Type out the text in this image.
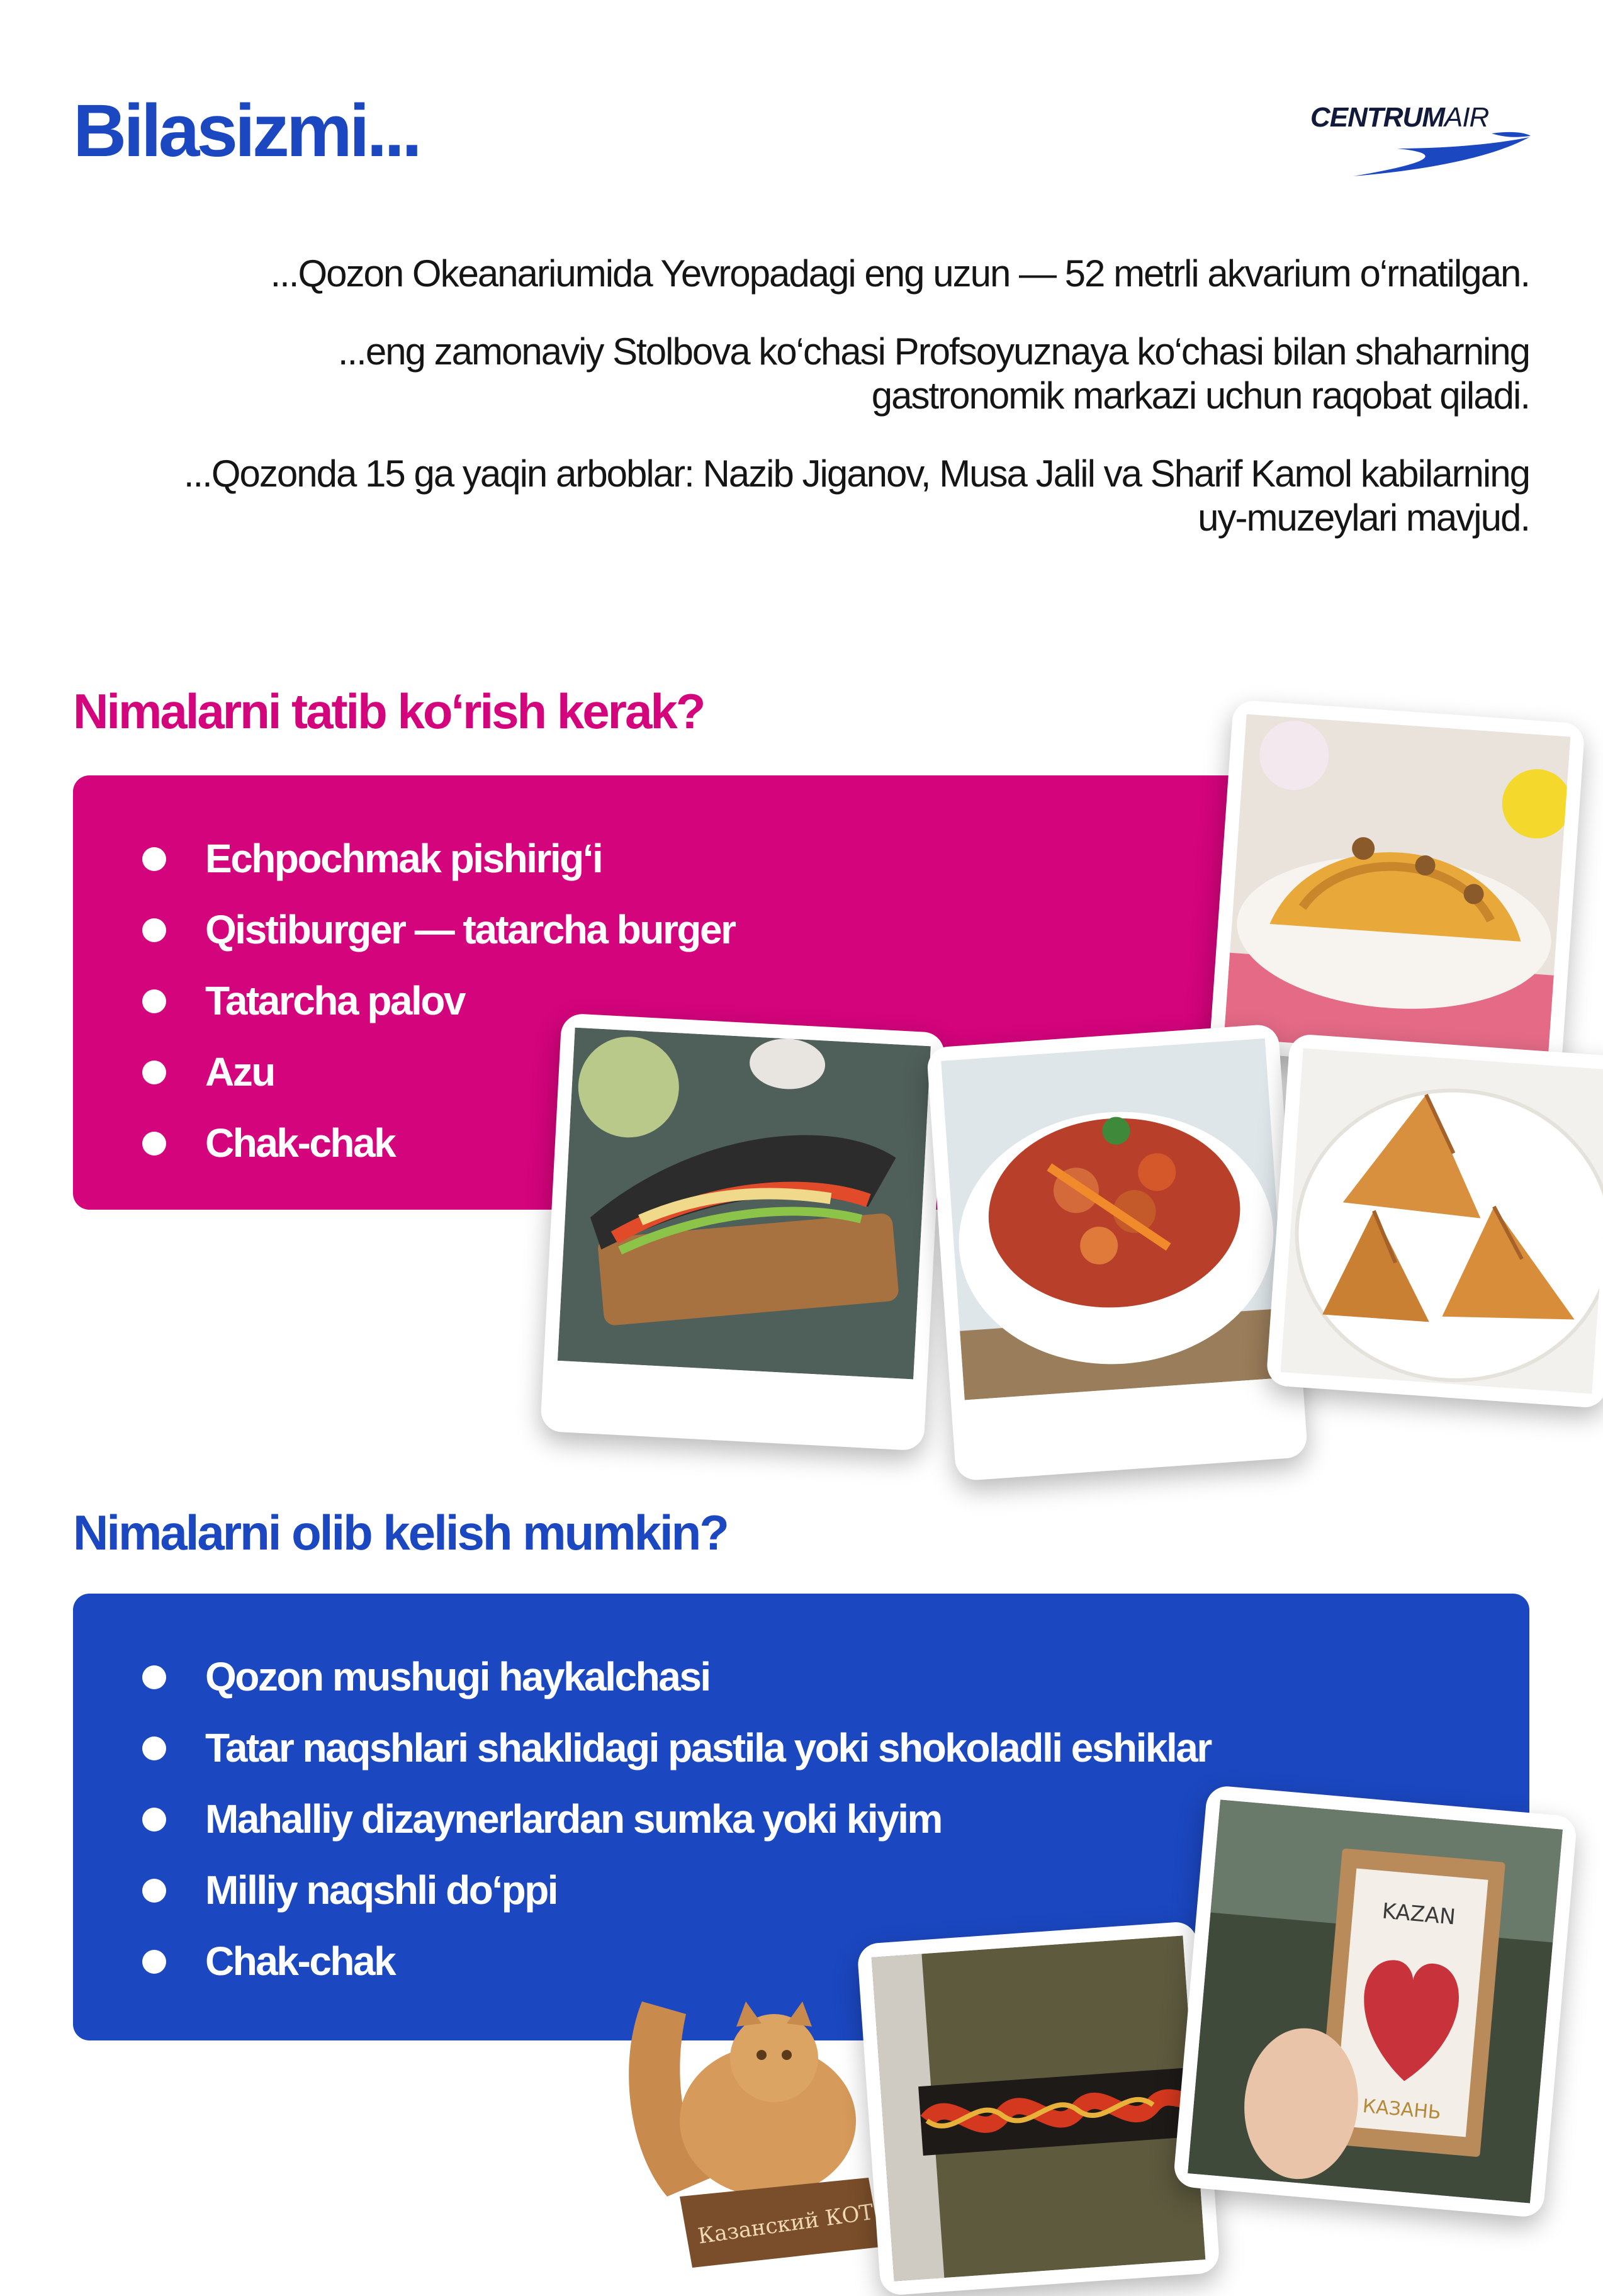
Bilasizmi...	CENTRUMAIR

...Qozon Okeanariumida Yevropadagi eng uzun — 52 metrli akvarium o‘rnatilgan.

...eng zamonaviy Stolbova ko‘chasi Profsoyuznaya ko‘chasi bilan shaharning gastronomik markazi uchun raqobat qiladi.

...Qozonda 15 ga yaqin arboblar: Nazib Jiganov, Musa Jalil va Sharif Kamol kabilarning uy-muzeylari mavjud.

Nimalarni tatib ko‘rish kerak?
Echpochmak pishirig‘i
Qistiburger — tatarcha burger
Tatarcha palov
Azu
Chak-chak
Nimalarni olib kelish mumkin?
Qozon mushugi haykalchasi
Tatar naqshlari shaklidagi pastila yoki shokoladli eshiklar
Mahalliy dizaynerlardan sumka yoki kiyim
Milliy naqshli do‘ppi
Chak-chak
Казанский КОТ
KAZAN
КАЗАНЬ
